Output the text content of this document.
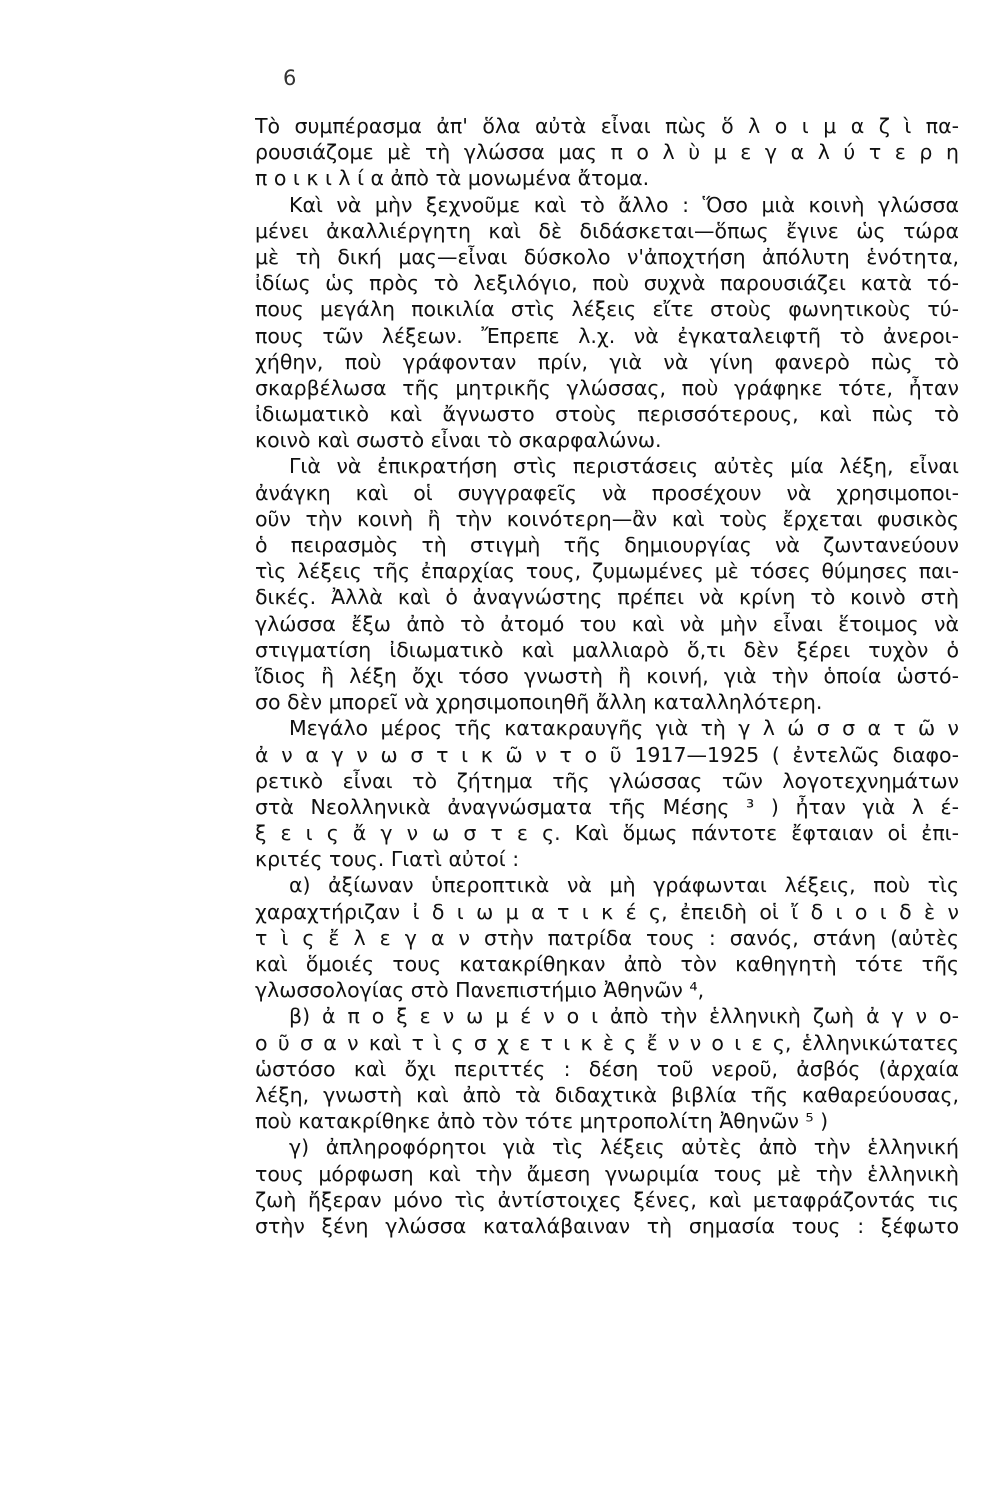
6

Τὸ συμπέρασμα ἀπ' ὅλα αὐτὰ εἶναι πὼς ὅ λ ο ι μ α ζ ὶ πα-
ρουσιάζομε μὲ τὴ γλώσσα μας π ο λ ὺ μ ε γ α λ ύ τ ε ρ η
π ο ι κ ι λ ί α ἀπὸ τὰ μονωμένα ἄτομα.
Καὶ νὰ μὴν ξεχνοῦμε καὶ τὸ ἄλλο : Ὅσο μιὰ κοινὴ γλώσσα
μένει ἀκαλλιέργητη καὶ δὲ διδάσκεται—ὅπως ἔγινε ὡς τώρα
μὲ τὴ δική μας—εἶναι δύσκολο ν'ἀποχτήση ἀπόλυτη ἑνότητα,
ἰδίως ὡς πρὸς τὸ λεξιλόγιο, ποὺ συχνὰ παρουσιάζει κατὰ τό-
πους μεγάλη ποικιλία στὶς λέξεις εἴτε στοὺς φωνητικοὺς τύ-
πους τῶν λέξεων. Ἔπρεπε λ.χ. νὰ ἐγκαταλειφτῆ τὸ ἀνεροι-
χήθην, ποὺ γράφονταν πρίν, γιὰ νὰ γίνη φανερὸ πὼς τὸ
σκαρβέλωσα τῆς μητρικῆς γλώσσας, ποὺ γράφηκε τότε, ἦταν
ἰδιωματικὸ καὶ ἄγνωστο στοὺς περισσότερους, καὶ πὼς τὸ
κοινὸ καὶ σωστὸ εἶναι τὸ σκαρφαλώνω.
Γιὰ νὰ ἐπικρατήση στὶς περιστάσεις αὐτὲς μία λέξη, εἶναι
ἀνάγκη καὶ οἱ συγγραφεῖς νὰ προσέχουν νὰ χρησιμοποι-
οῦν τὴν κοινὴ ἢ τὴν κοινότερη—ἂν καὶ τοὺς ἔρχεται φυσικὸς
ὁ πειρασμὸς τὴ στιγμὴ τῆς δημιουργίας νὰ ζωντανεύουν
τὶς λέξεις τῆς ἐπαρχίας τους, ζυμωμένες μὲ τόσες θύμησες παι-
δικές. Ἀλλὰ καὶ ὁ ἀναγνώστης πρέπει νὰ κρίνη τὸ κοινὸ στὴ
γλώσσα ἔξω ἀπὸ τὸ ἀτομό του καὶ νὰ μὴν εἶναι ἕτοιμος νὰ
στιγματίση ἰδιωματικὸ καὶ μαλλιαρὸ ὅ,τι δὲν ξέρει τυχὸν ὁ
ἴδιος ἢ λέξη ὄχι τόσο γνωστὴ ἢ κοινή, γιὰ τὴν ὁποία ὡστό-
σο δὲν μπορεῖ νὰ χρησιμοποιηθῆ ἄλλη καταλληλότερη.
Μεγάλο μέρος τῆς κατακραυγῆς γιὰ τὴ γ λ ώ σ σ α τ ῶ ν
ἀ ν α γ ν ω σ τ ι κ ῶ ν τ ο ῦ 1917—1925 ( ἐντελῶς διαφο-
ρετικὸ εἶναι τὸ ζήτημα τῆς γλώσσας τῶν λογοτεχνημάτων
στὰ Νεολληνικὰ ἀναγνώσματα τῆς Μέσης ³ ) ἦταν γιὰ λ έ-
ξ ε ι ς ἄ γ ν ω σ τ ε ς. Καὶ ὅμως πάντοτε ἔφταιαν οἱ ἐπι-
κριτές τους. Γιατὶ αὐτοί :
α) ἀξίωναν ὑπεροπτικὰ νὰ μὴ γράφωνται λέξεις, ποὺ τὶς
χαραχτήριζαν ἰ δ ι ω μ α τ ι κ έ ς, ἐπειδὴ οἱ ἴ δ ι ο ι δ ὲ ν
τ ὶ ς ἔ λ ε γ α ν στὴν πατρίδα τους : σανός, στάνη (αὐτὲς
καὶ ὅμοιές τους κατακρίθηκαν ἀπὸ τὸν καθηγητὴ τότε τῆς
γλωσσολογίας στὸ Πανεπιστήμιο Ἀθηνῶν ⁴,
β) ἀ π ο ξ ε ν ω μ έ ν ο ι ἀπὸ τὴν ἑλληνικὴ ζωὴ ἀ γ ν ο-
ο ῦ σ α ν καὶ τ ὶ ς σ χ ε τ ι κ ὲ ς ἔ ν ν ο ι ε ς, ἑλληνικώτατες
ὡστόσο καὶ ὄχι περιττές : δέση τοῦ νεροῦ, ἀσβός (ἀρχαία
λέξη, γνωστὴ καὶ ἀπὸ τὰ διδαχτικὰ βιβλία τῆς καθαρεύουσας,
ποὺ κατακρίθηκε ἀπὸ τὸν τότε μητροπολίτη Ἀθηνῶν ⁵ )
γ) ἀπληροφόρητοι γιὰ τὶς λέξεις αὐτὲς ἀπὸ τὴν ἑλληνική
τους μόρφωση καὶ τὴν ἄμεση γνωριμία τους μὲ τὴν ἑλληνικὴ
ζωὴ ἤξεραν μόνο τὶς ἀντίστοιχες ξένες, καὶ μεταφράζοντάς τις
στὴν ξένη γλώσσα καταλάβαιναν τὴ σημασία τους : ξέφωτο
